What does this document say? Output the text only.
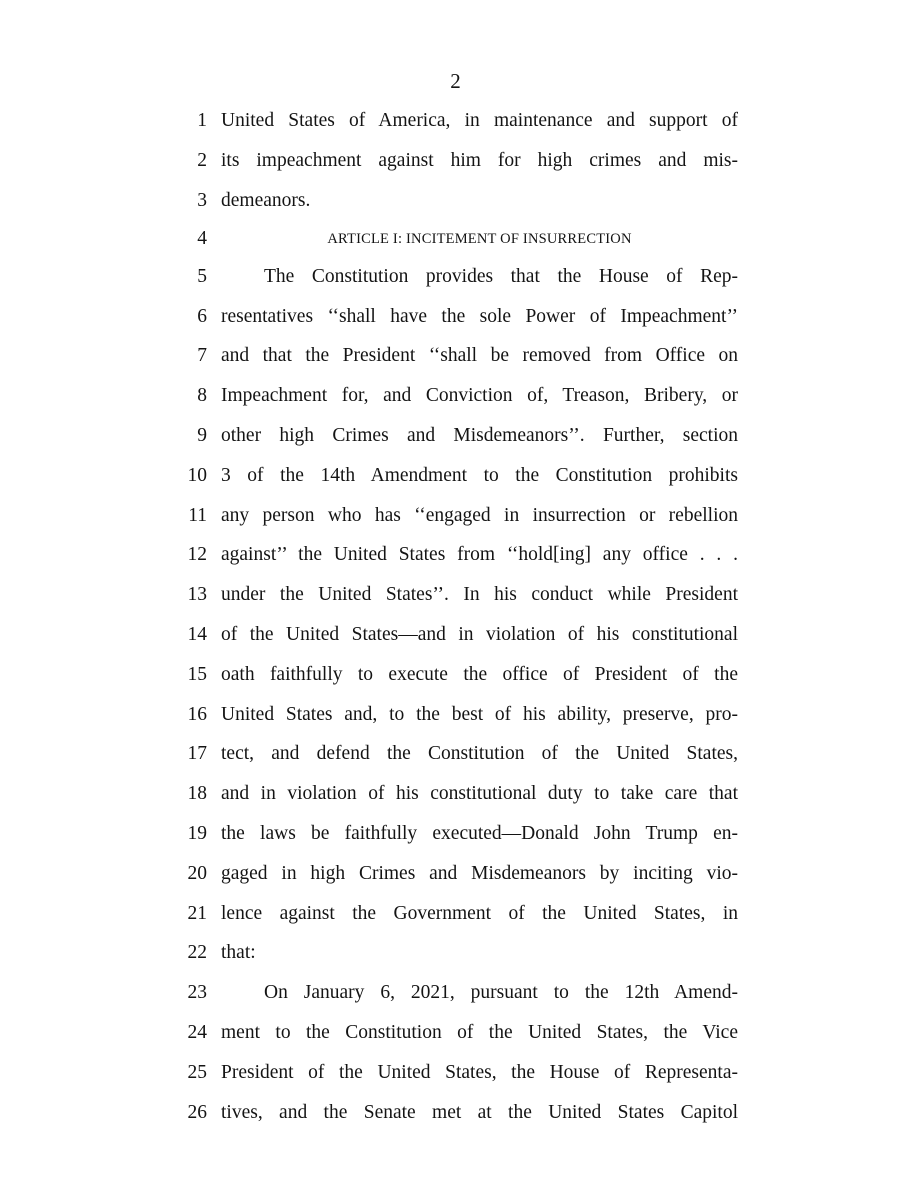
2
1 United States of America, in maintenance and support of
2 its impeachment against him for high crimes and mis-
3 demeanors.
4	ARTICLE I: INCITEMENT OF INSURRECTION
5	The Constitution provides that the House of Rep-
6 resentatives ‘‘shall have the sole Power of Impeachment’’
7 and that the President ‘‘shall be removed from Office on
8 Impeachment for, and Conviction of, Treason, Bribery, or
9 other high Crimes and Misdemeanors’’. Further, section
10 3 of the 14th Amendment to the Constitution prohibits
11 any person who has ‘‘engaged in insurrection or rebellion
12 against’’ the United States from ‘‘hold[ing] any office . . .
13 under the United States’’. In his conduct while President
14 of the United States—and in violation of his constitutional
15 oath faithfully to execute the office of President of the
16 United States and, to the best of his ability, preserve, pro-
17 tect, and defend the Constitution of the United States,
18 and in violation of his constitutional duty to take care that
19 the laws be faithfully executed—Donald John Trump en-
20 gaged in high Crimes and Misdemeanors by inciting vio-
21 lence against the Government of the United States, in
22 that:
23	On January 6, 2021, pursuant to the 12th Amend-
24 ment to the Constitution of the United States, the Vice
25 President of the United States, the House of Representa-
26 tives, and the Senate met at the United States Capitol
